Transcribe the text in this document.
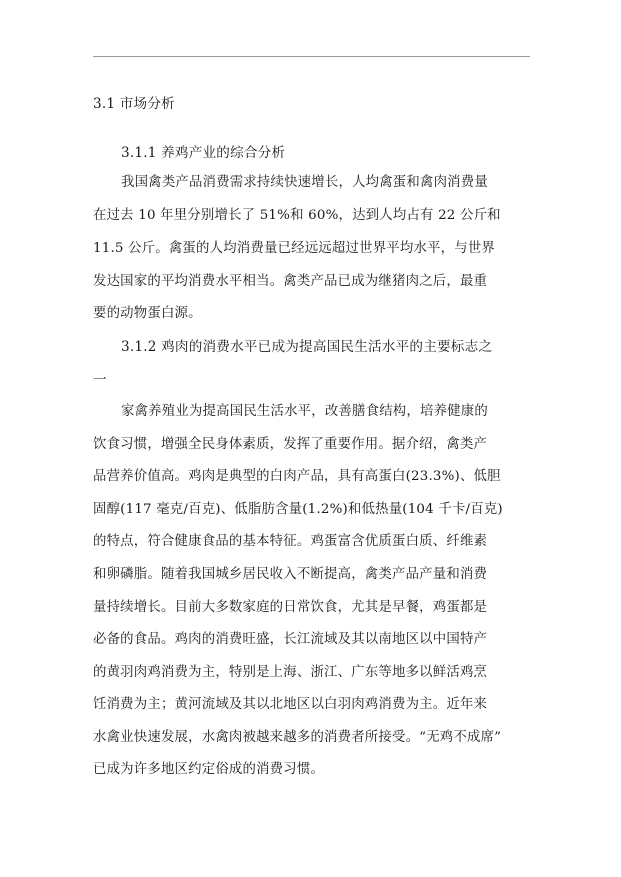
3.1 市场分析
3.1.1 养鸡产业的综合分析
我国禽类产品消费需求持续快速增长，人均禽蛋和禽肉消费量
在过去 10 年里分别增长了 51%和 60%，达到人均占有 22 公斤和
11.5 公斤。禽蛋的人均消费量已经远远超过世界平均水平，与世界
发达国家的平均消费水平相当。禽类产品已成为继猪肉之后，最重
要的动物蛋白源。
3.1.2 鸡肉的消费水平已成为提高国民生活水平的主要标志之
一
家禽养殖业为提高国民生活水平，改善膳食结构，培养健康的
饮食习惯，增强全民身体素质，发挥了重要作用。据介绍，禽类产
品营养价值高。鸡肉是典型的白肉产品，具有高蛋白(23.3%)、低胆
固醇(117 毫克/百克)、低脂肪含量(1.2%)和低热量(104 千卡/百克)
的特点，符合健康食品的基本特征。鸡蛋富含优质蛋白质、纤维素
和卵磷脂。随着我国城乡居民收入不断提高，禽类产品产量和消费
量持续增长。目前大多数家庭的日常饮食，尤其是早餐，鸡蛋都是
必备的食品。鸡肉的消费旺盛，长江流域及其以南地区以中国特产
的黄羽肉鸡消费为主，特别是上海、浙江、广东等地多以鲜活鸡烹
饪消费为主；黄河流域及其以北地区以白羽肉鸡消费为主。近年来
水禽业快速发展，水禽肉被越来越多的消费者所接受。“无鸡不成席”
已成为许多地区约定俗成的消费习惯。
